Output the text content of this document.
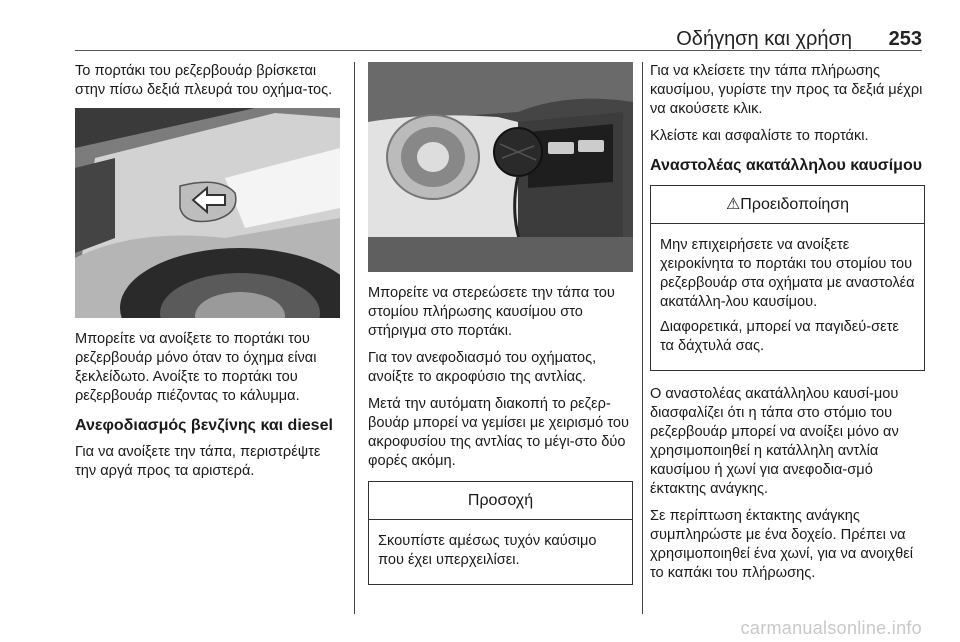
Οδήγηση και χρήση 253

Το πορτάκι του ρεζερβουάρ βρίσκεται στην πίσω δεξιά πλευρά του οχήμα-τος.

Μπορείτε να ανοίξετε το πορτάκι του ρεζερβουάρ μόνο όταν το όχημα είναι ξεκλείδωτο. Ανοίξτε το πορτάκι του ρεζερβουάρ πιέζοντας το κάλυμμα.

Ανεφοδιασμός βενζίνης και diesel

Για να ανοίξετε την τάπα, περιστρέψτε την αργά προς τα αριστερά.

Μπορείτε να στερεώσετε την τάπα του στομίου πλήρωσης καυσίμου στο στήριγμα στο πορτάκι.

Για τον ανεφοδιασμό του οχήματος, ανοίξτε το ακροφύσιο της αντλίας.

Μετά την αυτόματη διακοπή το ρεζερ-βουάρ μπορεί να γεμίσει με χειρισμό του ακροφυσίου της αντλίας το μέγι-στο δύο φορές ακόμη.

Προσοχή

Σκουπίστε αμέσως τυχόν καύσιμο που έχει υπερχειλίσει.

Για να κλείσετε την τάπα πλήρωσης καυσίμου, γυρίστε την προς τα δεξιά μέχρι να ακούσετε κλικ.

Κλείστε και ασφαλίστε το πορτάκι.

Αναστολέας ακατάλληλου καυσίμου
⚠Προειδοποίηση

Μην επιχειρήσετε να ανοίξετε χειροκίνητα το πορτάκι του στομίου του ρεζερβουάρ στα οχήματα με αναστολέα ακατάλλη-λου καυσίμου.

Διαφορετικά, μπορεί να παγιδεύ-σετε τα δάχτυλά σας.

Ο αναστολέας ακατάλληλου καυσί-μου διασφαλίζει ότι η τάπα στο στόμιο του ρεζερβουάρ μπορεί να ανοίξει μόνο αν χρησιμοποιηθεί η κατάλληλη αντλία καυσίμου ή χωνί για ανεφοδια-σμό έκτακτης ανάγκης.

Σε περίπτωση έκτακτης ανάγκης συμπληρώστε με ένα δοχείο. Πρέπει να χρησιμοποιηθεί ένα χωνί, για να ανοιχθεί το καπάκι του πλήρωσης.

carmanualsonline.info
